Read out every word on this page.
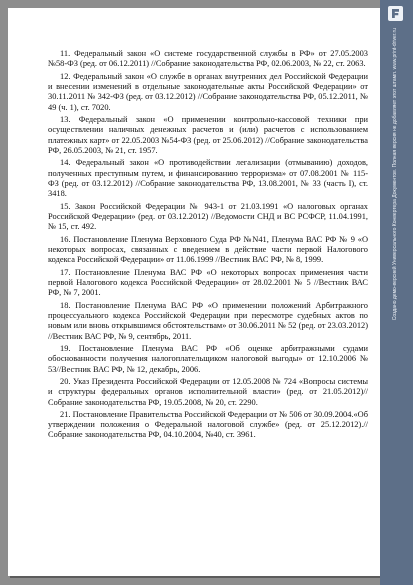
11. Федеральный закон «О системе государственной службы в РФ» от 27.05.2003 №58-ФЗ (ред. от 06.12.2011) //Собрание законодательства РФ, 02.06.2003, № 22, ст. 2063.

12. Федеральный закон «О службе в органах внутренних дел Российской Федерации и внесении изменений в отдельные законодательные акты Российской Федерации» от 30.11.2011 № 342-ФЗ (ред. от 03.12.2012) //Собрание законодательства РФ, 05.12.2011, № 49 (ч. 1), ст. 7020.

13. Федеральный закон «О применении контрольно-кассовой техники при осуществлении наличных денежных расчетов и (или) расчетов с использованием платежных карт» от 22.05.2003 №54-ФЗ (ред. от 25.06.2012) //Собрание законодательства РФ, 26.05.2003, № 21, ст. 1957.

14. Федеральный закон «О противодействии легализации (отмыванию) доходов, полученных преступным путем, и финансированию терроризма» от 07.08.2001 № 115-ФЗ (ред. от 03.12.2012) //Собрание законодательства РФ, 13.08.2001, № 33 (часть I), ст. 3418.

15. Закон Российской Федерации № 943-1 от 21.03.1991 «О налоговых органах Российской Федерации» (ред. от 03.12.2012) //Ведомости СНД и ВС РСФСР, 11.04.1991, № 15, ст. 492.

16. Постановление Пленума Верховного Суда РФ №N41, Пленума ВАС РФ № 9 «О некоторых вопросах, связанных с введением в действие части первой Налогового кодекса Российской Федерации» от 11.06.1999 //Вестник ВАС РФ, № 8, 1999.

17. Постановление Пленума ВАС РФ «О некоторых вопросах применения части первой Налогового кодекса Российской Федерации» от 28.02.2001 № 5 //Вестник ВАС РФ, № 7, 2001.

18. Постановление Пленума ВАС РФ «О применении положений Арбитражного процессуального кодекса Российской Федерации при пересмотре судебных актов по новым или вновь открывшимся обстоятельствам» от 30.06.2011 № 52 (ред. от 23.03.2012) //Вестник ВАС РФ, № 9, сентябрь, 2011.

19. Постановление Пленума ВАС РФ «Об оценке арбитражными судами обоснованности получения налогоплательщиком налоговой выгоды» от 12.10.2006 № 53//Вестник ВАС РФ, № 12, декабрь, 2006.

20. Указ Президента Российской Федерации от 12.05.2008 № 724 «Вопросы системы и структуры федеральных органов исполнительной власти» (ред. от 21.05.2012)//Собрание законодательства РФ, 19.05.2008, № 20, ст. 2290.

21. Постановление Правительства Российской Федерации от № 506 от 30.09.2004.«Об утверждении положения о Федеральной налоговой службе» (ред. от 25.12.2012).//Собрание законодательства РФ, 04.10.2004, №40, ст. 3961.

Создано демо-версией Универсального Конвертера Документов. Полная версия не добавляет этот штамп. www.print-driver.ru
